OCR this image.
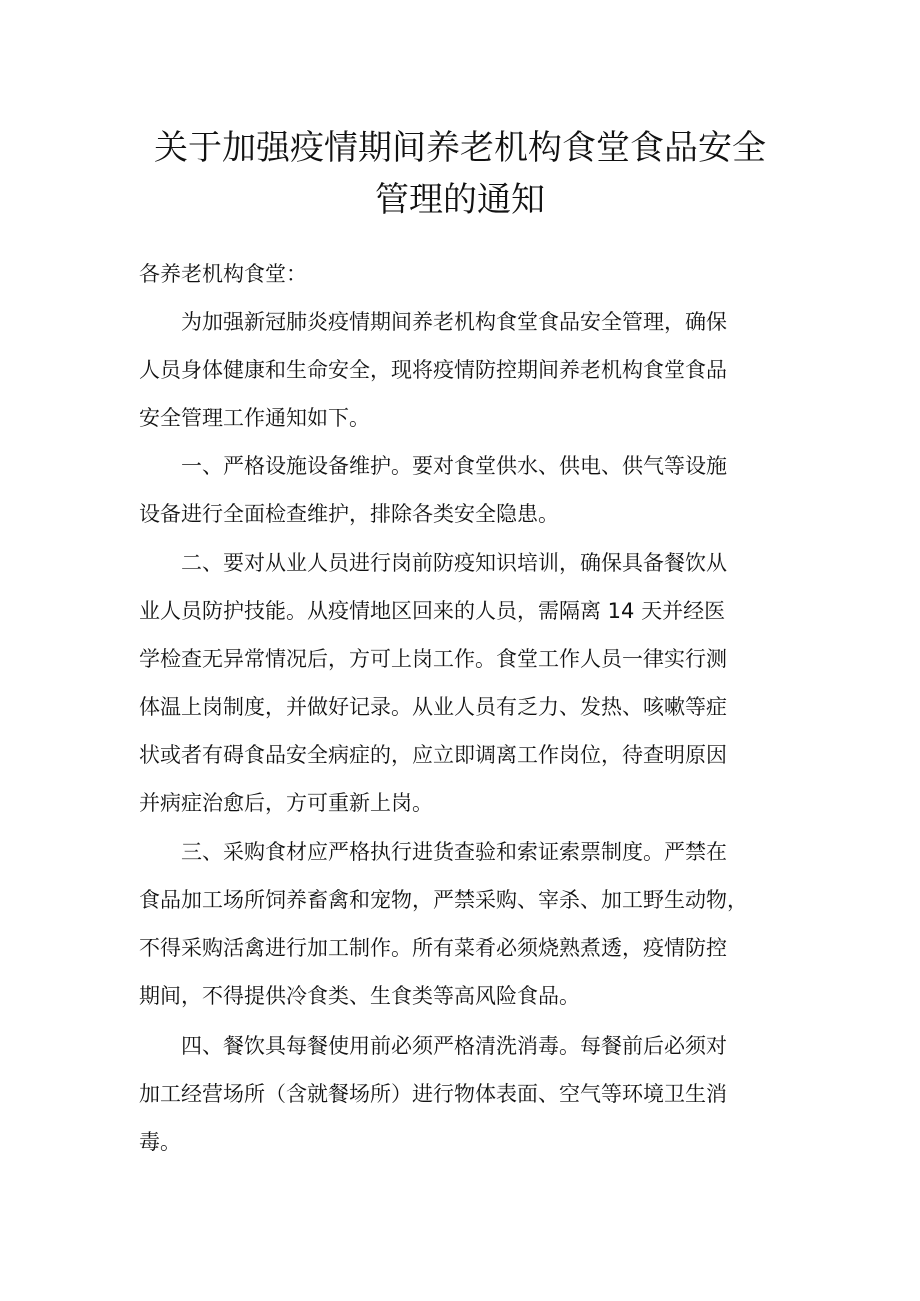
关于加强疫情期间养老机构食堂食品安全
管理的通知

各养老机构食堂：

　　为加强新冠肺炎疫情期间养老机构食堂食品安全管理，确保
人员身体健康和生命安全，现将疫情防控期间养老机构食堂食品
安全管理工作通知如下。

　　一、严格设施设备维护。要对食堂供水、供电、供气等设施
设备进行全面检查维护，排除各类安全隐患。

　　二、要对从业人员进行岗前防疫知识培训，确保具备餐饮从
业人员防护技能。从疫情地区回来的人员，需隔离 14 天并经医
学检查无异常情况后，方可上岗工作。食堂工作人员一律实行测
体温上岗制度，并做好记录。从业人员有乏力、发热、咳嗽等症
状或者有碍食品安全病症的，应立即调离工作岗位，待查明原因
并病症治愈后，方可重新上岗。

　　三、采购食材应严格执行进货查验和索证索票制度。严禁在
食品加工场所饲养畜禽和宠物，严禁采购、宰杀、加工野生动物，
不得采购活禽进行加工制作。所有菜肴必须烧熟煮透，疫情防控
期间，不得提供冷食类、生食类等高风险食品。

　　四、餐饮具每餐使用前必须严格清洗消毒。每餐前后必须对
加工经营场所（含就餐场所）进行物体表面、空气等环境卫生消
毒。
